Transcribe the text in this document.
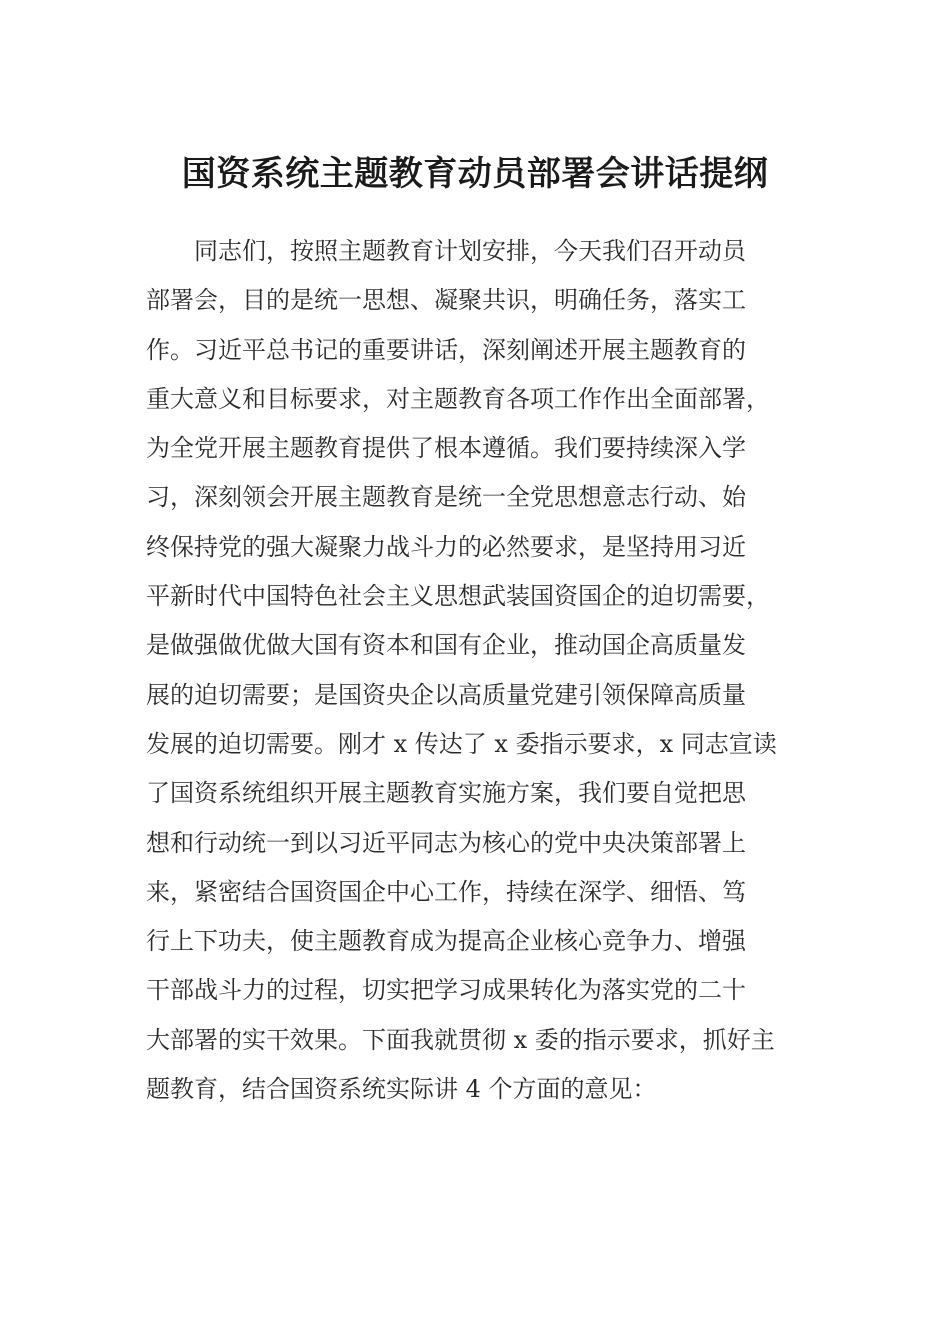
国资系统主题教育动员部署会讲话提纲
同志们，按照主题教育计划安排，今天我们召开动员
部署会，目的是统一思想、凝聚共识，明确任务，落实工
作。习近平总书记的重要讲话，深刻阐述开展主题教育的
重大意义和目标要求，对主题教育各项工作作出全面部署，
为全党开展主题教育提供了根本遵循。我们要持续深入学
习，深刻领会开展主题教育是统一全党思想意志行动、始
终保持党的强大凝聚力战斗力的必然要求，是坚持用习近
平新时代中国特色社会主义思想武装国资国企的迫切需要，
是做强做优做大国有资本和国有企业，推动国企高质量发
展的迫切需要；是国资央企以高质量党建引领保障高质量
发展的迫切需要。刚才 x 传达了 x 委指示要求，x 同志宣读
了国资系统组织开展主题教育实施方案，我们要自觉把思
想和行动统一到以习近平同志为核心的党中央决策部署上
来，紧密结合国资国企中心工作，持续在深学、细悟、笃
行上下功夫，使主题教育成为提高企业核心竞争力、增强
干部战斗力的过程，切实把学习成果转化为落实党的二十
大部署的实干效果。下面我就贯彻 x 委的指示要求，抓好主
题教育，结合国资系统实际讲 4 个方面的意见：
